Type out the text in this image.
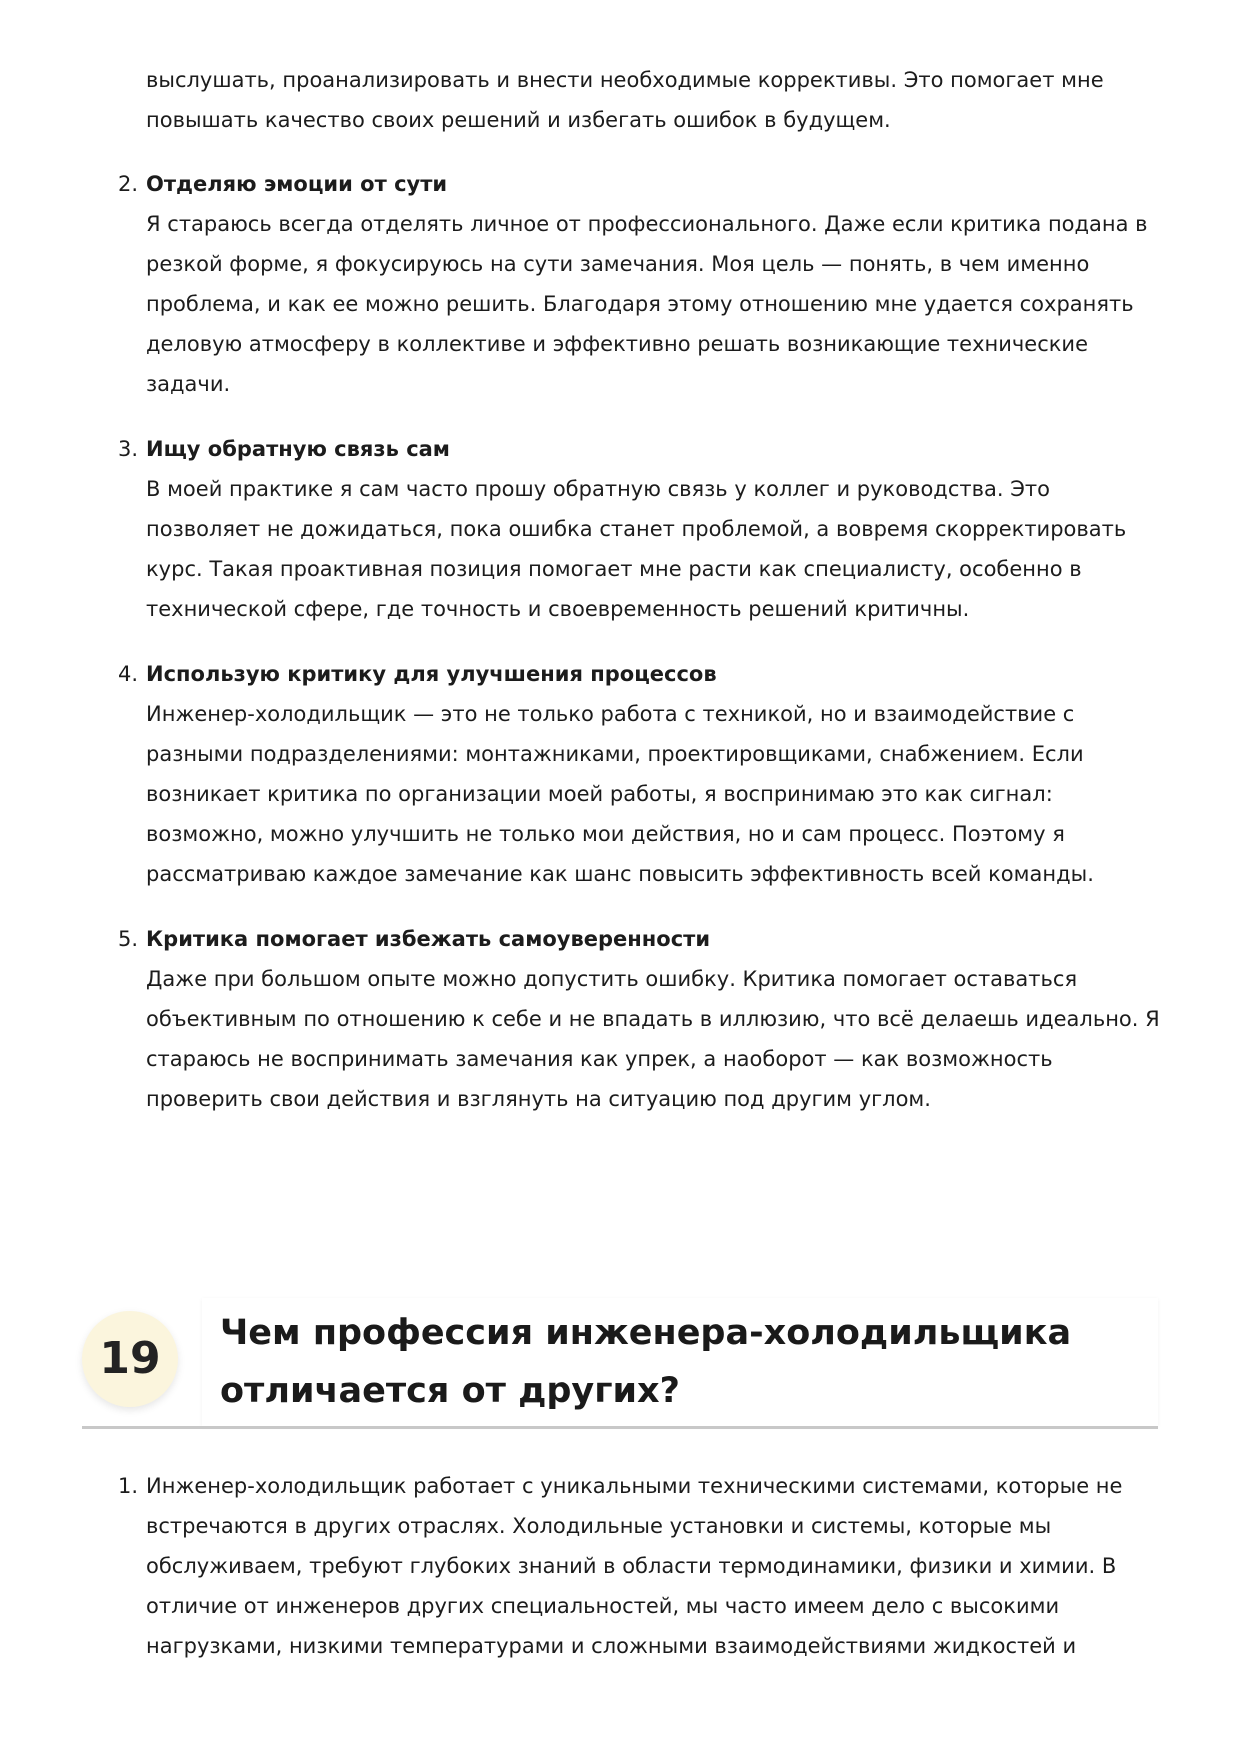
выслушать, проанализировать и внести необходимые коррективы. Это помогает мне повышать качество своих решений и избегать ошибок в будущем.

2. Отделяю эмоции от сути
Я стараюсь всегда отделять личное от профессионального. Даже если критика подана в резкой форме, я фокусируюсь на сути замечания. Моя цель — понять, в чем именно проблема, и как ее можно решить. Благодаря этому отношению мне удается сохранять деловую атмосферу в коллективе и эффективно решать возникающие технические задачи.
3. Ищу обратную связь сам
В моей практике я сам часто прошу обратную связь у коллег и руководства. Это позволяет не дожидаться, пока ошибка станет проблемой, а вовремя скорректировать курс. Такая проактивная позиция помогает мне расти как специалисту, особенно в технической сфере, где точность и своевременность решений критичны.
4. Использую критику для улучшения процессов
Инженер-холодильщик — это не только работа с техникой, но и взаимодействие с разными подразделениями: монтажниками, проектировщиками, снабжением. Если возникает критика по организации моей работы, я воспринимаю это как сигнал: возможно, можно улучшить не только мои действия, но и сам процесс. Поэтому я рассматриваю каждое замечание как шанс повысить эффективность всей команды.
5. Критика помогает избежать самоуверенности
Даже при большом опыте можно допустить ошибку. Критика помогает оставаться объективным по отношению к себе и не впадать в иллюзию, что всё делаешь идеально. Я стараюсь не воспринимать замечания как упрек, а наоборот — как возможность проверить свои действия и взглянуть на ситуацию под другим углом.
19	Чем профессия инженера-холодильщика отличается от других?
1. Инженер-холодильщик работает с уникальными техническими системами, которые не встречаются в других отраслях. Холодильные установки и системы, которые мы обслуживаем, требуют глубоких знаний в области термодинамики, физики и химии. В отличие от инженеров других специальностей, мы часто имеем дело с высокими нагрузками, низкими температурами и сложными взаимодействиями жидкостей и
